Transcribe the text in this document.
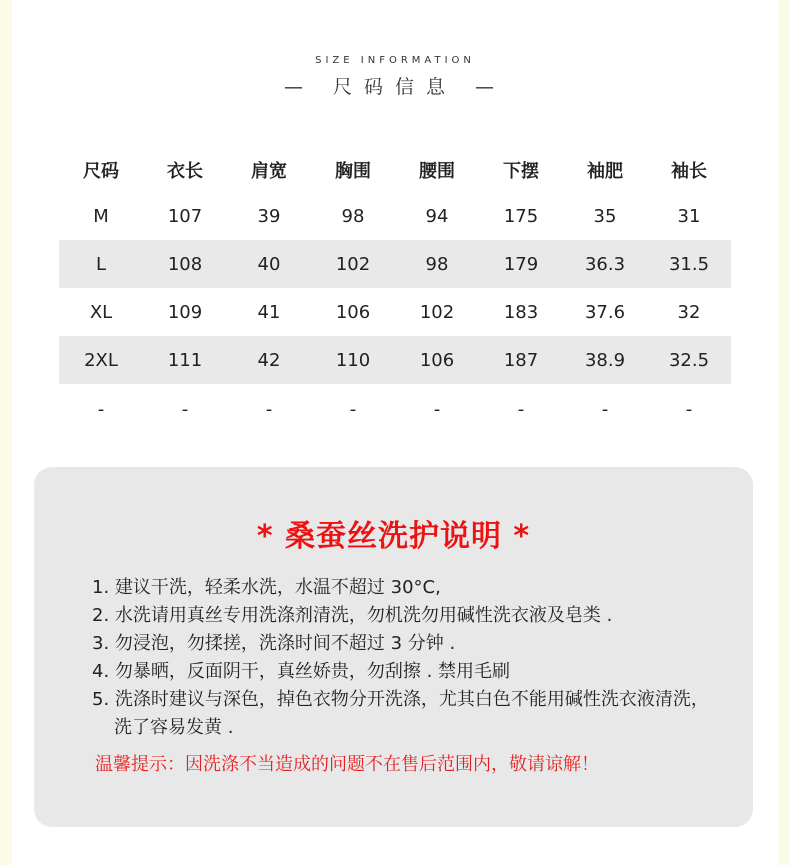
SIZE INFORMATION
— 尺码信息 —
尺码	衣长	肩宽	胸围	腰围	下摆	袖肥	袖长
M	107	39	98	94	175	35	31
L	108	40	102	98	179	36.3	31.5
XL	109	41	106	102	183	37.6	32
2XL	111	42	110	106	187	38.9	32.5
-	-	-	-	-	-	-	-
* 桑蚕丝洗护说明 *
1. 建议干洗，轻柔水洗，水温不超过 30°C,
2. 水洗请用真丝专用洗涤剂清洗，勿机洗勿用碱性洗衣液及皂类 .
3. 勿浸泡，勿揉搓，洗涤时间不超过 3 分钟 .
4. 勿暴晒，反面阴干，真丝娇贵，勿刮擦 . 禁用毛刷
5. 洗涤时建议与深色，掉色衣物分开洗涤，尤其白色不能用碱性洗衣液清洗，洗了容易发黄 .
温馨提示：因洗涤不当造成的问题不在售后范围内，敬请谅解！
